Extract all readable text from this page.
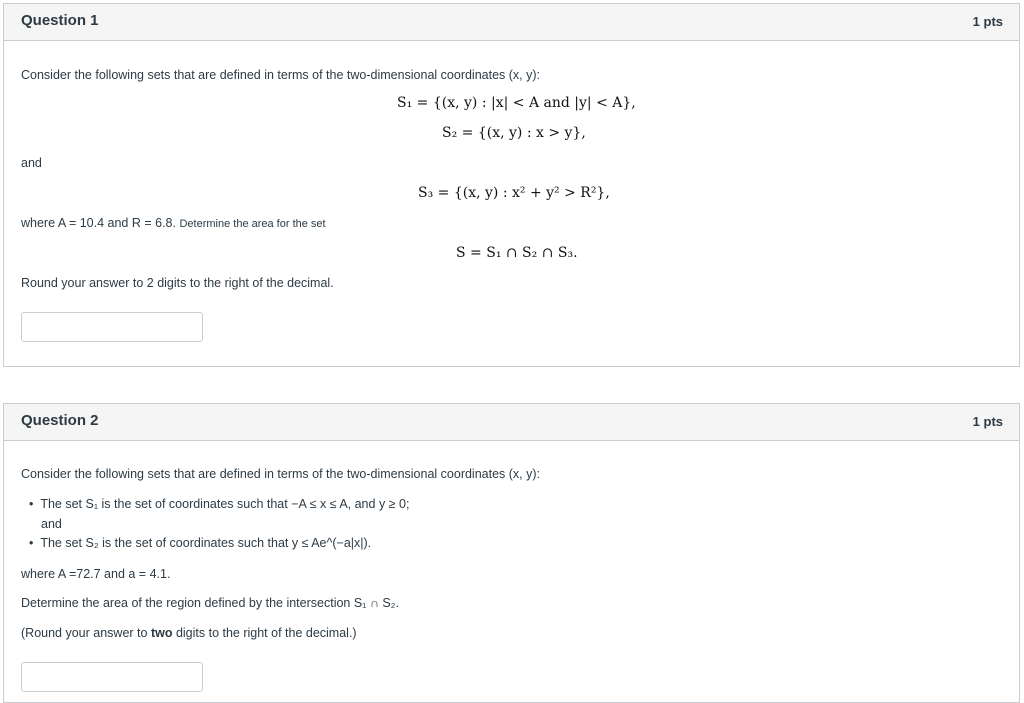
Question 1	1 pts
Consider the following sets that are defined in terms of the two-dimensional coordinates (x, y):
S₁ = {(x, y) : |x| < A and |y| < A},
S₂ = {(x, y) : x > y},
and
S₃ = {(x, y) : x² + y² > R²},
where A = 10.4 and R = 6.8. Determine the area for the set
S = S₁ ∩ S₂ ∩ S₃.
Round your answer to 2 digits to the right of the decimal.
Question 2	1 pts
Consider the following sets that are defined in terms of the two-dimensional coordinates (x, y):
•  The set S₁ is the set of coordinates such that −A ≤ x ≤ A, and y ≥ 0;
and
•  The set S₂ is the set of coordinates such that y ≤ Ae^(−a|x|).
where A =72.7 and a = 4.1.
Determine the area of the region defined by the intersection S₁ ∩ S₂.
(Round your answer to two digits to the right of the decimal.)
